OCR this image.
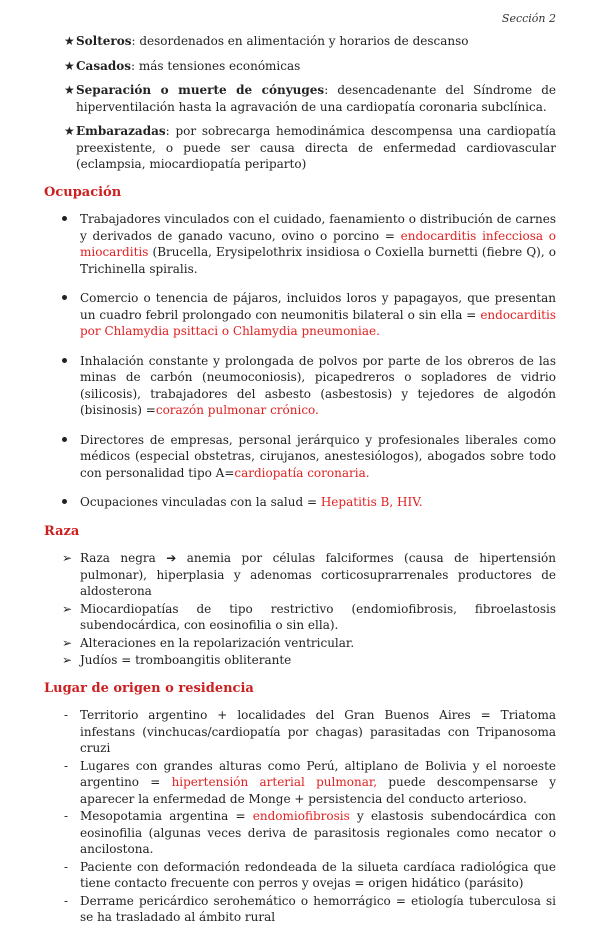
Sección 2
★ Solteros: desordenados en alimentación y horarios de descanso
★ Casados: más tensiones económicas
★ Separación o muerte de cónyuges: desencadenante del Síndrome de hiperventilación hasta la agravación de una cardiopatía coronaria subclínica.
★ Embarazadas: por sobrecarga hemodinámica descompensa una cardiopatía preexistente, o puede ser causa directa de enfermedad cardiovascular (eclampsia, miocardiopatía periparto)
Ocupación
Trabajadores vinculados con el cuidado, faenamiento o distribución de carnes y derivados de ganado vacuno, ovino o porcino = endocarditis infecciosa o miocarditis (Brucella, Erysipelothrix insidiosa o Coxiella burnetti (fiebre Q), o Trichinella spiralis.
Comercio o tenencia de pájaros, incluidos loros y papagayos, que presentan un cuadro febril prolongado con neumonitis bilateral o sin ella = endocarditis por Chlamydia psittaci o Chlamydia pneumoniae.
Inhalación constante y prolongada de polvos por parte de los obreros de las minas de carbón (neumoconiosis), picapedreros o sopladores de vidrio (silicosis), trabajadores del asbesto (asbestosis) y tejedores de algodón (bisinosis) =corazón pulmonar crónico.
Directores de empresas, personal jerárquico y profesionales liberales como médicos (especial obstetras, cirujanos, anestesiólogos), abogados sobre todo con personalidad tipo A=cardiopatía coronaria.
Ocupaciones vinculadas con la salud = Hepatitis B, HIV.
Raza
➢ Raza negra ➔ anemia por células falciformes (causa de hipertensión pulmonar), hiperplasia y adenomas corticosuprarrenales productores de aldosterona
➢ Miocardiopatías de tipo restrictivo (endomiofibrosis, fibroelastosis subendocárdica, con eosinofilia o sin ella).
➢ Alteraciones en la repolarización ventricular.
➢ Judíos = tromboangitis obliterante
Lugar de origen o residencia
- Territorio argentino + localidades del Gran Buenos Aires = Triatoma infestans (vinchucas/cardiopatía por chagas) parasitadas con Tripanosoma cruzi
- Lugares con grandes alturas como Perú, altiplano de Bolivia y el noroeste argentino = hipertensión arterial pulmonar, puede descompensarse y aparecer la enfermedad de Monge + persistencia del conducto arterioso.
- Mesopotamia argentina = endomiofibrosis y elastosis subendocárdica con eosinofilia (algunas veces deriva de parasitosis regionales como necator o ancilostona.
- Paciente con deformación redondeada de la silueta cardíaca radiológica que tiene contacto frecuente con perros y ovejas = origen hidático (parásito)
- Derrame pericárdico serohemático o hemorrágico = etiología tuberculosa si se ha trasladado al ámbito rural
